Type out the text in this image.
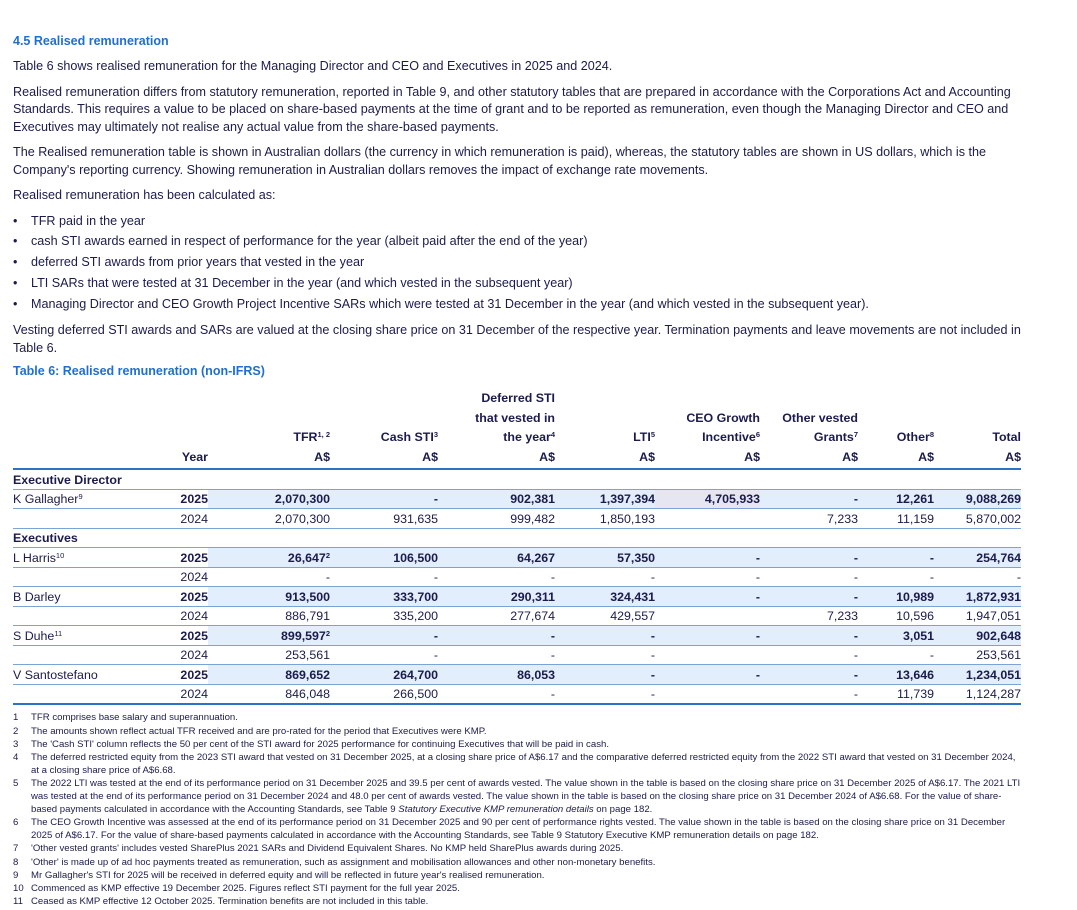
4.5 Realised remuneration

Table 6 shows realised remuneration for the Managing Director and CEO and Executives in 2025 and 2024.

Realised remuneration differs from statutory remuneration, reported in Table 9, and other statutory tables that are prepared in accordance with the Corporations Act and Accounting Standards. This requires a value to be placed on share-based payments at the time of grant and to be reported as remuneration, even though the Managing Director and CEO and Executives may ultimately not realise any actual value from the share-based payments.

The Realised remuneration table is shown in Australian dollars (the currency in which remuneration is paid), whereas, the statutory tables are shown in US dollars, which is the Company's reporting currency. Showing remuneration in Australian dollars removes the impact of exchange rate movements.

Realised remuneration has been calculated as:

•	TFR paid in the year
•	cash STI awards earned in respect of performance for the year (albeit paid after the end of the year)
•	deferred STI awards from prior years that vested in the year
•	LTI SARs that were tested at 31 December in the year (and which vested in the subsequent year)
•	Managing Director and CEO Growth Project Incentive SARs which were tested at 31 December in the year (and which vested in the subsequent year).

Vesting deferred STI awards and SARs are valued at the closing share price on 31 December of the respective year. Termination payments and leave movements are not included in Table 6.

Table 6: Realised remuneration (non-IFRS)
				Deferred STI					
				that vested in		CEO Growth	Other vested		
		TFR$^{1, 2}$	Cash STI$^3$	the year$^4$	LTI$^5$	Incentive$^6$	Grants$^7$	Other$^8$	Total
	Year	A$	A$	A$	A$	A$	A$	A$	A$
Executive Director									
K Gallagher$^9$	2025	2,070,300	-	902,381	1,397,394	4,705,933	-	12,261	9,088,269
	2024	2,070,300	931,635	999,482	1,850,193		7,233	11,159	5,870,002
Executives									
L Harris$^{10}$	2025	26,647$^2$	106,500	64,267	57,350	-	-	-	254,764
	2024	-	-	-	-	-	-	-	-
B Darley	2025	913,500	333,700	290,311	324,431	-	-	10,989	1,872,931
	2024	886,791	335,200	277,674	429,557		7,233	10,596	1,947,051
S Duhe$^{11}$	2025	899,597$^2$	-	-	-	-	-	3,051	902,648
	2024	253,561	-	-	-		-	-	253,561
V Santostefano	2025	869,652	264,700	86,053	-	-	-	13,646	1,234,051
	2024	846,048	266,500	-	-		-	11,739	1,124,287
1	TFR comprises base salary and superannuation.
2	The amounts shown reflect actual TFR received and are pro-rated for the period that Executives were KMP.
3	The 'Cash STI' column reflects the 50 per cent of the STI award for 2025 performance for continuing Executives that will be paid in cash.
4	The deferred restricted equity from the 2023 STI award that vested on 31 December 2025, at a closing share price of A$6.17 and the comparative deferred restricted equity from the 2022 STI award that vested on 31 December 2024, at a closing share price of A$6.68.
5	The 2022 LTI was tested at the end of its performance period on 31 December 2025 and 39.5 per cent of awards vested. The value shown in the table is based on the closing share price on 31 December 2025 of A$6.17. The 2021 LTI was tested at the end of its performance period on 31 December 2024 and 48.0 per cent of awards vested. The value shown in the table is based on the closing share price on 31 December 2024 of A$6.68. For the value of share-based payments calculated in accordance with the Accounting Standards, see Table 9 Statutory Executive KMP remuneration details on page 182.
6	The CEO Growth Incentive was assessed at the end of its performance period on 31 December 2025 and 90 per cent of performance rights vested. The value shown in the table is based on the closing share price on 31 December 2025 of A$6.17. For the value of share-based payments calculated in accordance with the Accounting Standards, see Table 9 Statutory Executive KMP remuneration details on page 182.
7	'Other vested grants' includes vested SharePlus 2021 SARs and Dividend Equivalent Shares. No KMP held SharePlus awards during 2025.
8	'Other' is made up of ad hoc payments treated as remuneration, such as assignment and mobilisation allowances and other non-monetary benefits.
9	Mr Gallagher's STI for 2025 will be received in deferred equity and will be reflected in future year's realised remuneration.
10 Commenced as KMP effective 19 December 2025. Figures reflect STI payment for the full year 2025.
11 Ceased as KMP effective 12 October 2025. Termination benefits are not included in this table.
